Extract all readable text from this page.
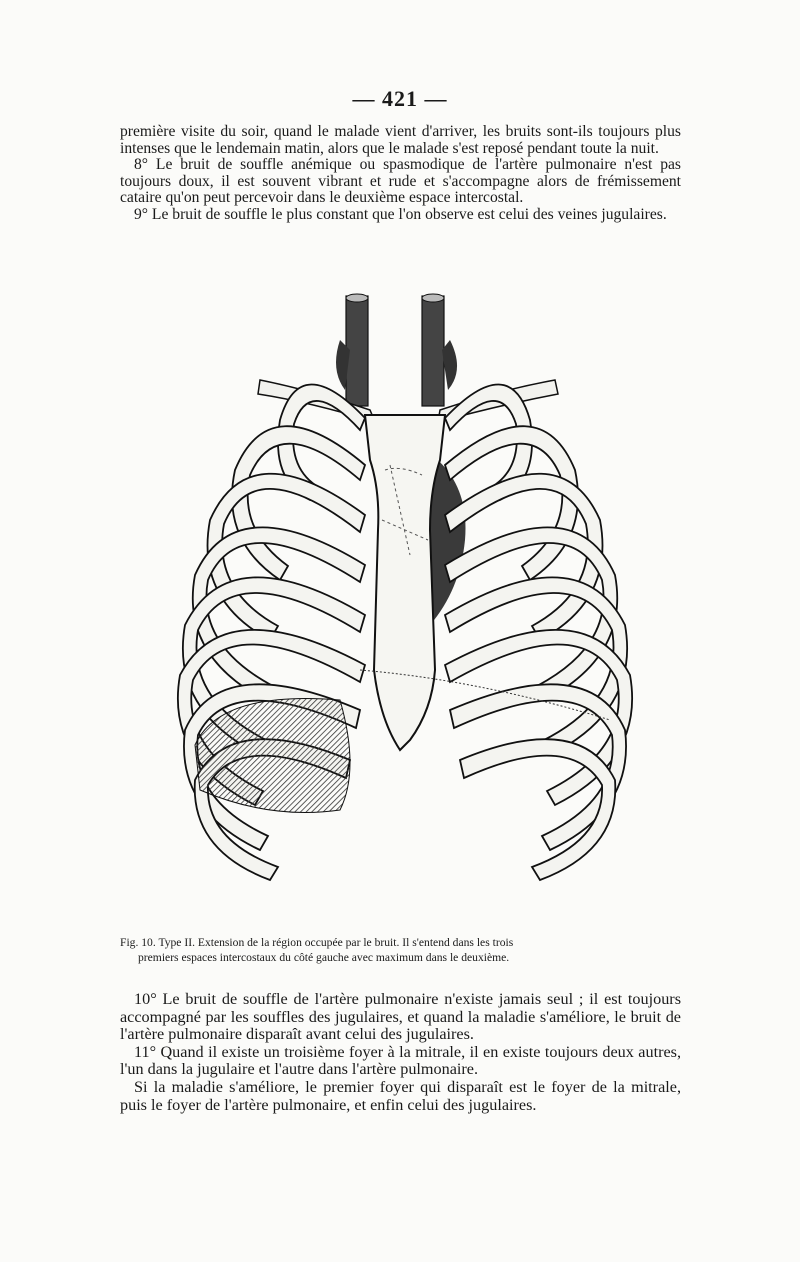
— 421 —

première visite du soir, quand le malade vient d'arriver, les bruits sont-ils toujours plus intenses que le lendemain matin, alors que le malade s'est reposé pendant toute la nuit.

8° Le bruit de souffle anémique ou spasmodique de l'artère pulmonaire n'est pas toujours doux, il est souvent vibrant et rude et s'accompagne alors de frémissement cataire qu'on peut percevoir dans le deuxième espace intercostal.

9° Le bruit de souffle le plus constant que l'on observe est celui des veines jugulaires.

Fig. 10. Type II. Extension de la région occupée par le bruit. Il s'entend dans les trois

premiers espaces intercostaux du côté gauche avec maximum dans le deuxième.

10° Le bruit de souffle de l'artère pulmonaire n'existe jamais seul ; il est toujours accompagné par les souffles des jugulaires, et quand la maladie s'améliore, le bruit de l'artère pulmonaire disparaît avant celui des jugulaires.

11° Quand il existe un troisième foyer à la mitrale, il en existe toujours deux autres, l'un dans la jugulaire et l'autre dans l'artère pulmonaire.

Si la maladie s'améliore, le premier foyer qui disparaît est le foyer de la mitrale, puis le foyer de l'artère pulmonaire, et enfin celui des jugulaires.
